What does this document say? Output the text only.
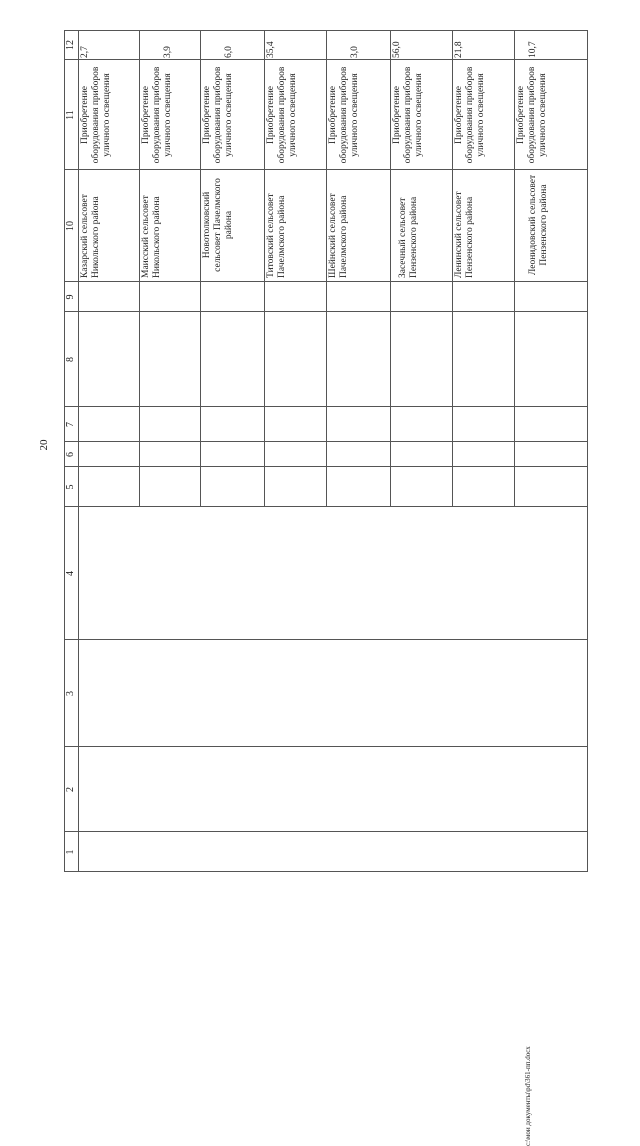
20
1
2
3
4
5
6
7
8
9
10
11
12
Казарский сельсовет Никольского района
Приобретение оборудования приборов уличного освещения
2,7
Маисский сельсовет Никольского района
Приобретение оборудования приборов уличного освещения
3,9
Новотолковский сельсовет Пачелмского района
Приобретение оборудования приборов уличного освещения
6,0
Титовский сельсовет Пачелмского района
Приобретение оборудования приборов уличного освещения
35,4
Шейнский сельсовет Пачелмского района
Приобретение оборудования приборов уличного освещения
3,0
Засечный сельсовет Пензенского района
Приобретение оборудования приборов уличного освещения
56,0
Ленинский сельсовет Пензенского района
Приобретение оборудования приборов уличного освещения
21,8
Леонидовский сельсовет Пензенского района
Приобретение оборудования приборов уличного освещения
10,7
c:\мои документы\pd\361-пп.docx
